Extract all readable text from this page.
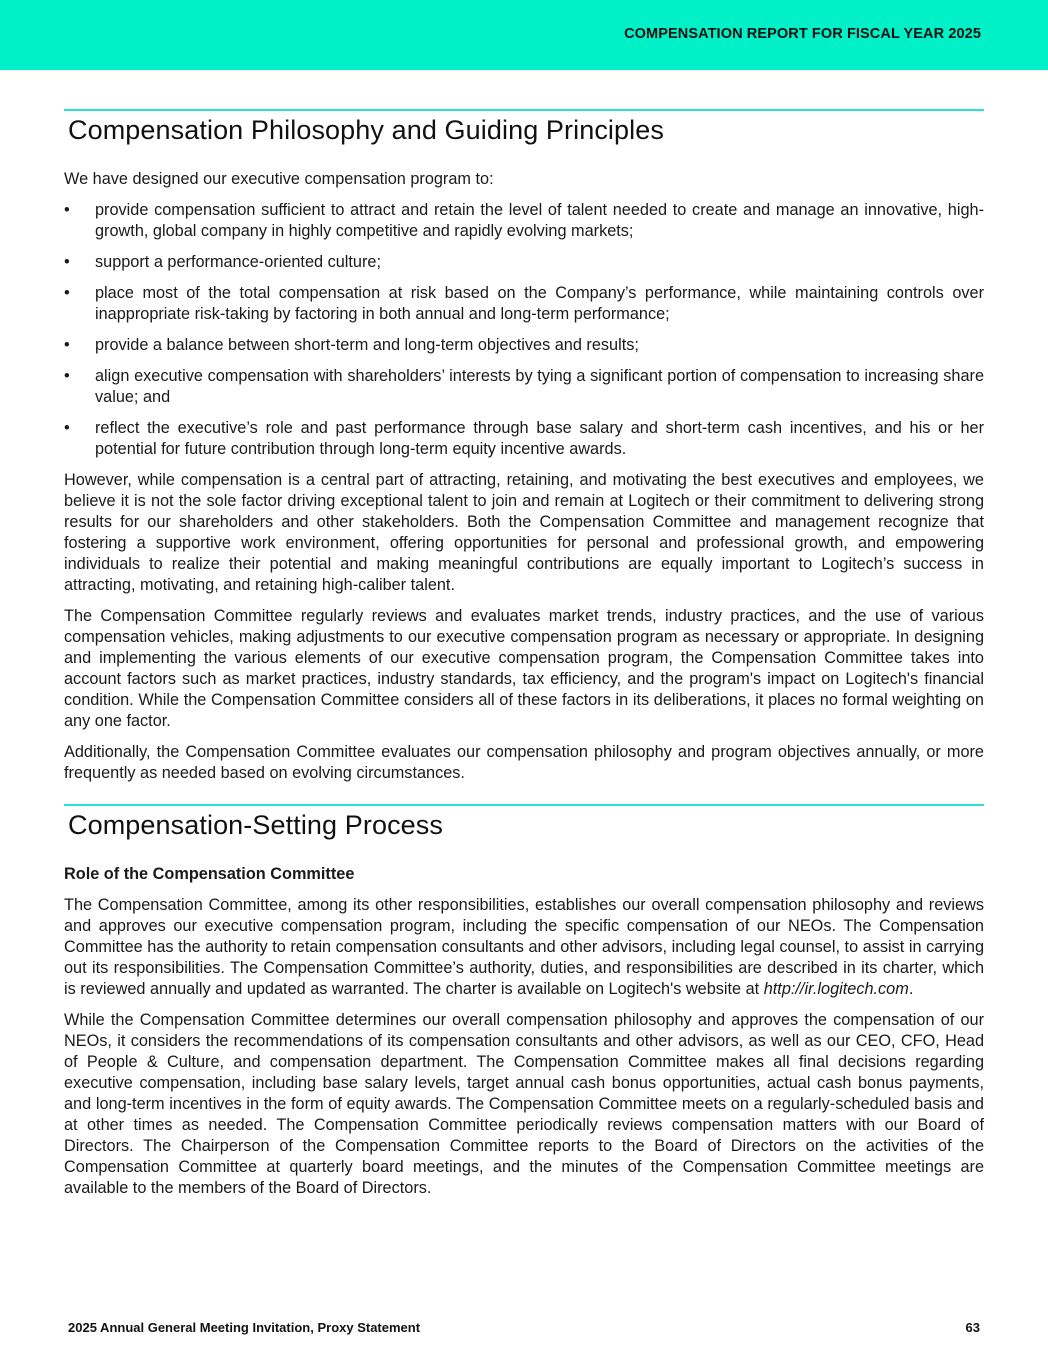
COMPENSATION REPORT FOR FISCAL YEAR 2025
Compensation Philosophy and Guiding Principles

We have designed our executive compensation program to:

• provide compensation sufficient to attract and retain the level of talent needed to create and manage an innovative, high-growth, global company in highly competitive and rapidly evolving markets;
• support a performance-oriented culture;
• place most of the total compensation at risk based on the Company’s performance, while maintaining controls over inappropriate risk-taking by factoring in both annual and long-term performance;
• provide a balance between short-term and long-term objectives and results;
• align executive compensation with shareholders’ interests by tying a significant portion of compensation to increasing share value; and
• reflect the executive’s role and past performance through base salary and short-term cash incentives, and his or her potential for future contribution through long-term equity incentive awards.

However, while compensation is a central part of attracting, retaining, and motivating the best executives and employees, we believe it is not the sole factor driving exceptional talent to join and remain at Logitech or their commitment to delivering strong results for our shareholders and other stakeholders. Both the Compensation Committee and management recognize that fostering a supportive work environment, offering opportunities for personal and professional growth, and empowering individuals to realize their potential and making meaningful contributions are equally important to Logitech’s success in attracting, motivating, and retaining high-caliber talent.

The Compensation Committee regularly reviews and evaluates market trends, industry practices, and the use of various compensation vehicles, making adjustments to our executive compensation program as necessary or appropriate. In designing and implementing the various elements of our executive compensation program, the Compensation Committee takes into account factors such as market practices, industry standards, tax efficiency, and the program's impact on Logitech's financial condition. While the Compensation Committee considers all of these factors in its deliberations, it places no formal weighting on any one factor.

Additionally, the Compensation Committee evaluates our compensation philosophy and program objectives annually, or more frequently as needed based on evolving circumstances.

Compensation-Setting Process

Role of the Compensation Committee

The Compensation Committee, among its other responsibilities, establishes our overall compensation philosophy and reviews and approves our executive compensation program, including the specific compensation of our NEOs. The Compensation Committee has the authority to retain compensation consultants and other advisors, including legal counsel, to assist in carrying out its responsibilities. The Compensation Committee’s authority, duties, and responsibilities are described in its charter, which is reviewed annually and updated as warranted. The charter is available on Logitech's website at http://ir.logitech.com.

While the Compensation Committee determines our overall compensation philosophy and approves the compensation of our NEOs, it considers the recommendations of its compensation consultants and other advisors, as well as our CEO, CFO, Head of People & Culture, and compensation department. The Compensation Committee makes all final decisions regarding executive compensation, including base salary levels, target annual cash bonus opportunities, actual cash bonus payments, and long-term incentives in the form of equity awards. The Compensation Committee meets on a regularly-scheduled basis and at other times as needed. The Compensation Committee periodically reviews compensation matters with our Board of Directors. The Chairperson of the Compensation Committee reports to the Board of Directors on the activities of the Compensation Committee at quarterly board meetings, and the minutes of the Compensation Committee meetings are available to the members of the Board of Directors.

2025 Annual General Meeting Invitation, Proxy Statement	63
